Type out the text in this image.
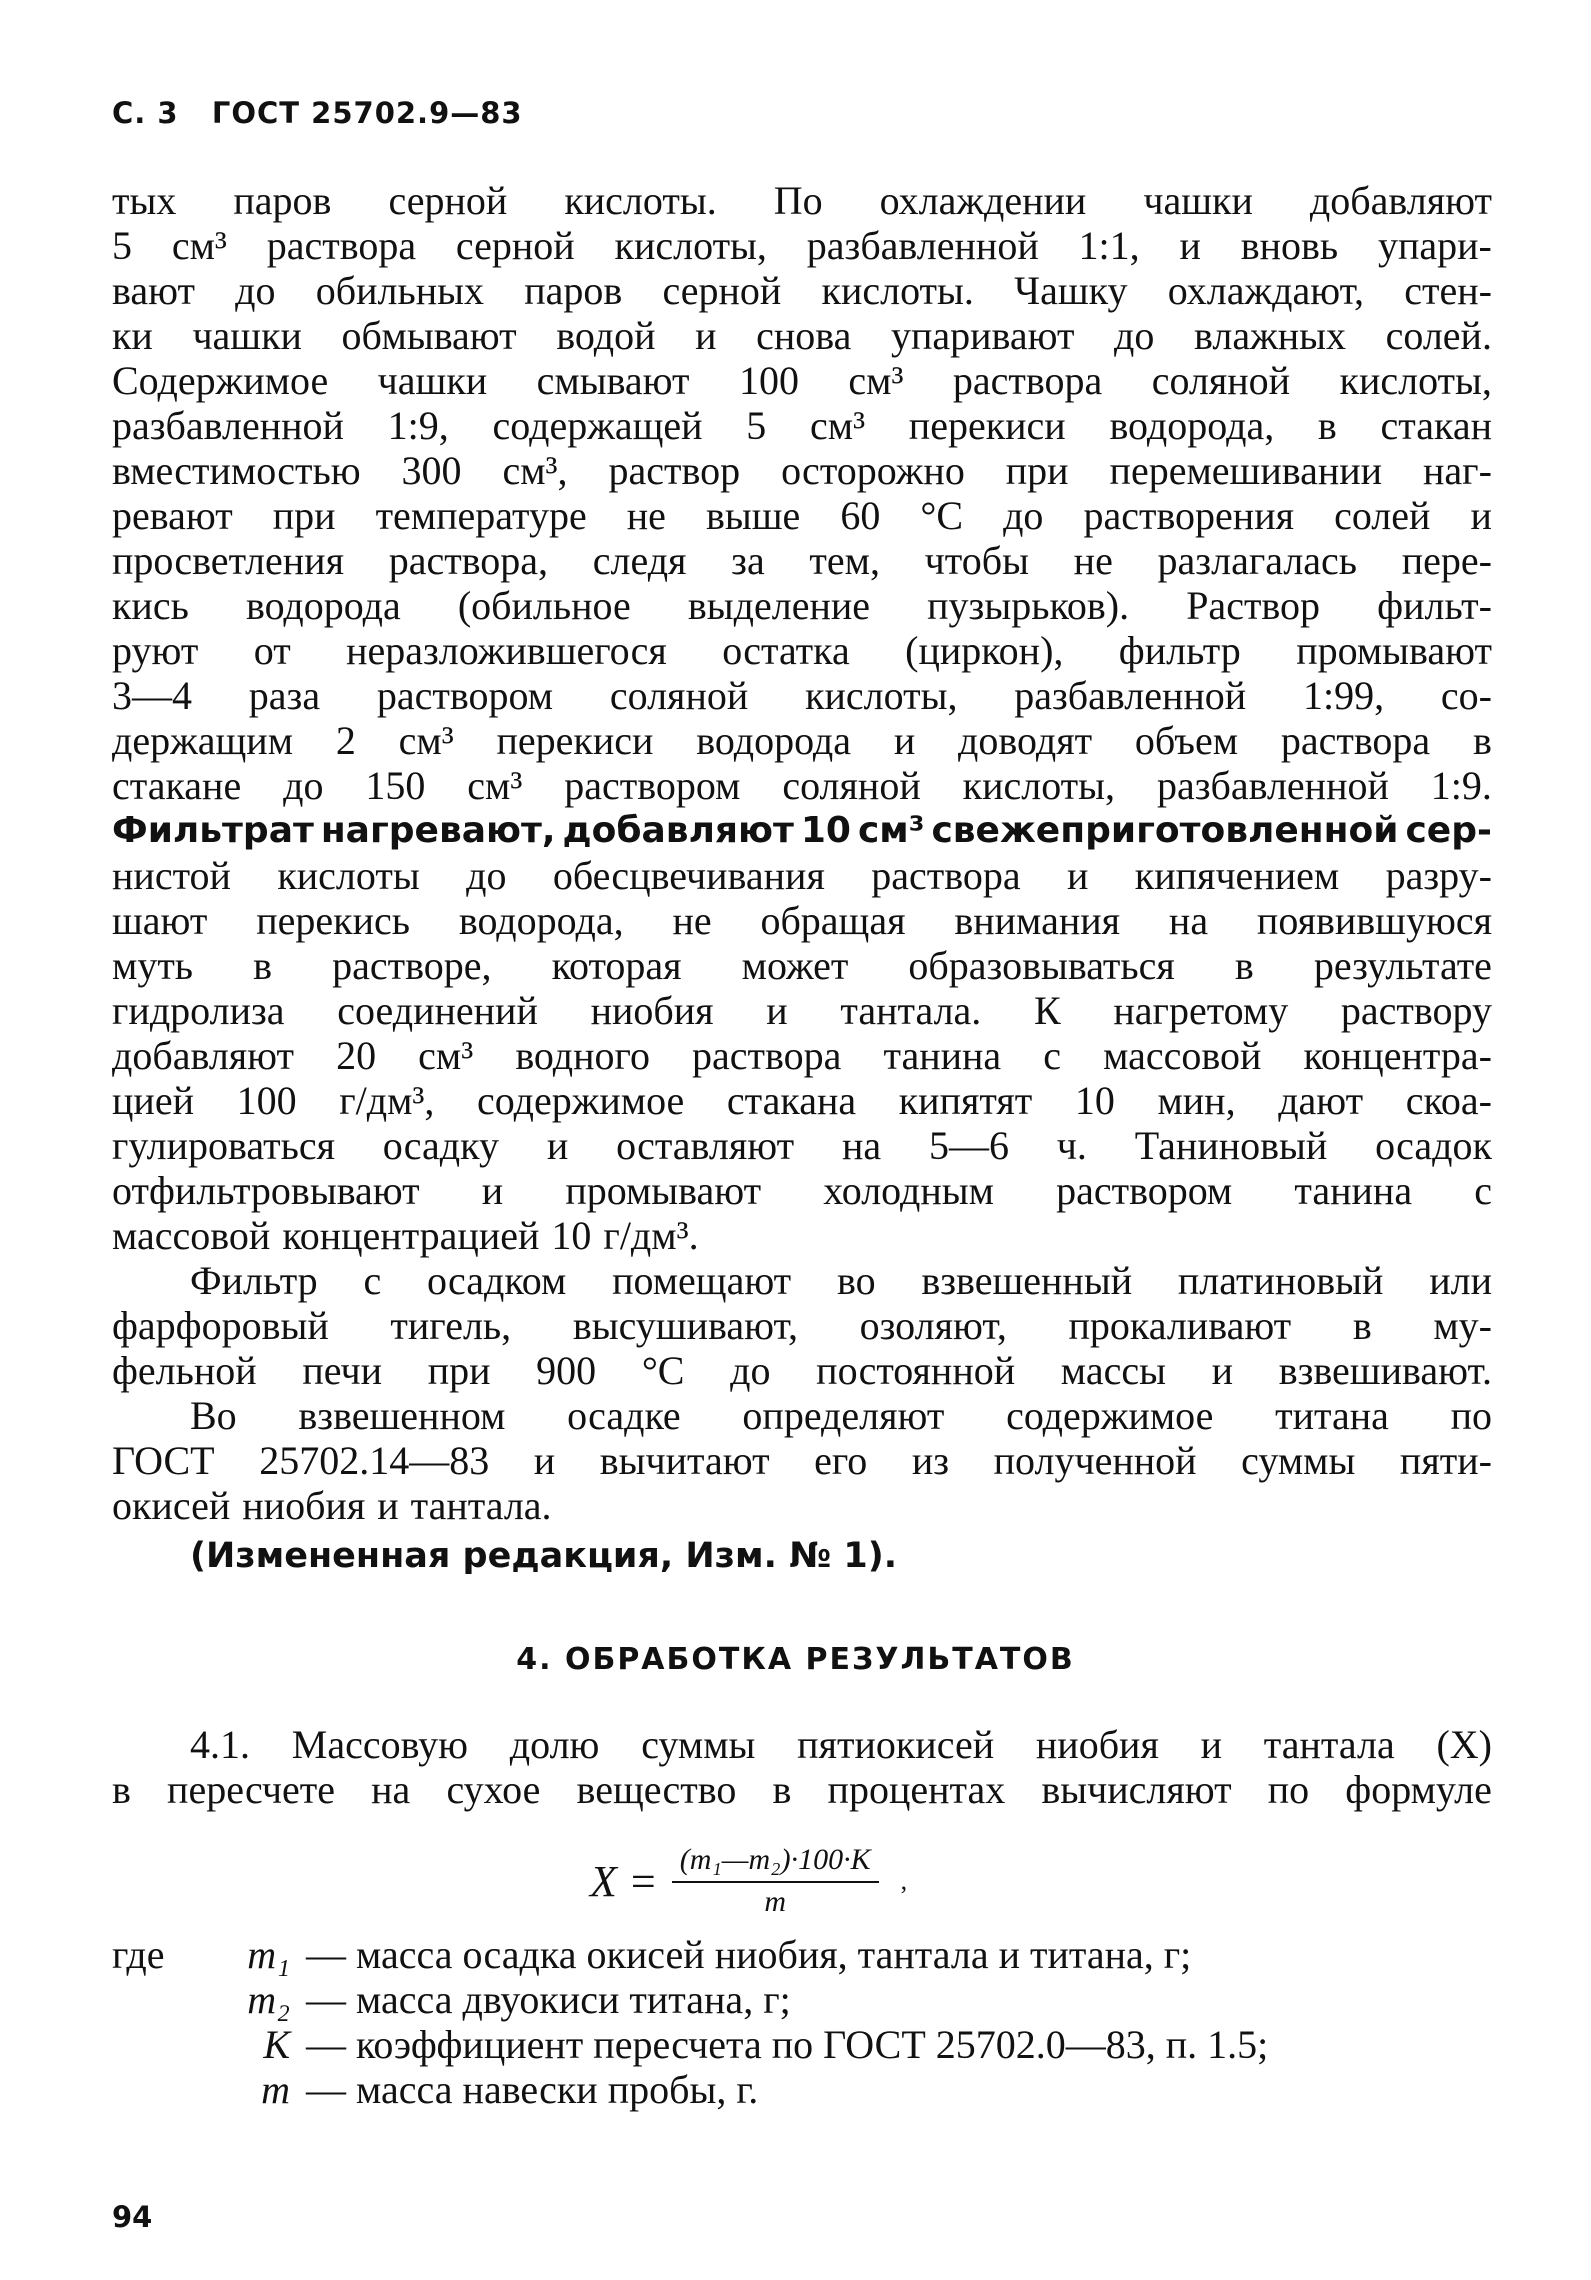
С. 3 ГОСТ 25702.9—83
тых паров серной кислоты. По охлаждении чашки добавляют
5 см³ раствора серной кислоты, разбавленной 1:1, и вновь упари-
вают до обильных паров серной кислоты. Чашку охлаждают, стен-
ки чашки обмывают водой и снова упаривают до влажных солей.
Содержимое чашки смывают 100 см³ раствора соляной кислоты,
разбавленной 1:9, содержащей 5 см³ перекиси водорода, в стакан
вместимостью 300 см³, раствор осторожно при перемешивании наг-
ревают при температуре не выше 60 °С до растворения солей и
просветления раствора, следя за тем, чтобы не разлагалась пере-
кись водорода (обильное выделение пузырьков). Раствор фильт-
руют от неразложившегося остатка (циркон), фильтр промывают
3—4 раза раствором соляной кислоты, разбавленной 1:99, со-
держащим 2 см³ перекиси водорода и доводят объем раствора в
стакане до 150 см³ раствором соляной кислоты, разбавленной 1:9.
Фильтрат нагревают, добавляют 10 см³ свежеприготовленной сер-
нистой кислоты до обесцвечивания раствора и кипячением разру-
шают перекись водорода, не обращая внимания на появившуюся
муть в растворе, которая может образовываться в результате
гидролиза соединений ниобия и тантала. К нагретому раствору
добавляют 20 см³ водного раствора танина с массовой концентра-
цией 100 г/дм³, содержимое стакана кипятят 10 мин, дают скоа-
гулироваться осадку и оставляют на 5—6 ч. Таниновый осадок
отфильтровывают и промывают холодным раствором танина с
массовой концентрацией 10 г/дм³.
Фильтр с осадком помещают во взвешенный платиновый или
фарфоровый тигель, высушивают, озоляют, прокаливают в му-
фельной печи при 900 °С до постоянной массы и взвешивают.
Во взвешенном осадке определяют содержимое титана по
ГОСТ 25702.14—83 и вычитают его из полученной суммы пяти-
окисей ниобия и тантала.
(Измененная редакция, Изм. № 1).
4. ОБРАБОТКА РЕЗУЛЬТАТОВ
4.1. Массовую долю суммы пятиокисей ниобия и тантала (X)
в пересчете на сухое вещество в процентах вычисляют по формуле
$X = \frac{\text{(m₁—m₂)·100·K}}{m}$ ,
где	m₁ — масса осадка окисей ниобия, тантала и титана, г;
m₂ — масса двуокиси титана, г;
K — коэффициент пересчета по ГОСТ 25702.0—83, п. 1.5;
m — масса навески пробы, г.
94
